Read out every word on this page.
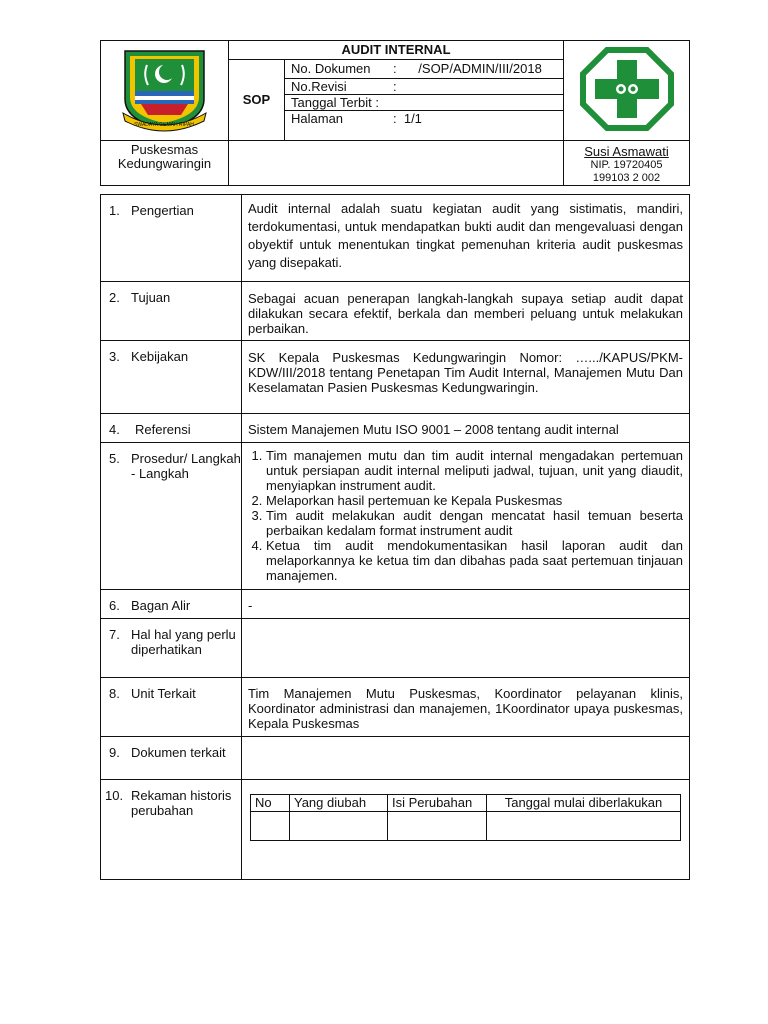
SWADAYA GEMAH RIPAH	AUDIT INTERNAL	
	SOP	No. Dokumen :      /SOP/ADMIN/III/2018	
		No.Revisi :	
		Tanggal Terbit :	
		Halaman :  1/1	
Puskesmas Kedungwaringin			Susi Asmawati
NIP. 19720405
199103 2 002
1. Pengertian	Audit internal adalah suatu kegiatan audit yang sistimatis, mandiri, terdokumentasi, untuk mendapatkan bukti audit dan mengevaluasi dengan obyektif untuk menentukan tingkat pemenuhan kriteria audit puskesmas yang disepakati.

2. Tujuan	Sebagai acuan penerapan langkah-langkah supaya setiap audit dapat dilakukan secara efektif, berkala dan memberi peluang untuk melakukan perbaikan.

3. Kebijakan	SK Kepala Puskesmas Kedungwaringin Nomor: ….../KAPUS/PKM-KDW/III/2018 tentang Penetapan Tim Audit Internal, Manajemen Mutu Dan Keselamatan Pasien Puskesmas Kedungwaringin.

4.	Referensi	Sistem Manajemen Mutu ISO 9001 – 2008 tentang audit internal

5. Prosedur/ Langkah - Langkah

1. Tim manajemen mutu dan tim audit internal mengadakan pertemuan untuk persiapan audit internal meliputi jadwal, tujuan, unit yang diaudit, menyiapkan instrument audit.
2. Melaporkan hasil pertemuan ke Kepala Puskesmas
3. Tim audit melakukan audit dengan mencatat hasil temuan beserta perbaikan kedalam format instrument audit
4. Ketua tim audit mendokumentasikan hasil laporan audit dan melaporkannya ke ketua tim dan dibahas pada saat pertemuan tinjauan manajemen.

6. Bagan Alir	-

7. Hal hal yang perlu diperhatikan

8. Unit Terkait	Tim Manajemen Mutu Puskesmas, Koordinator pelayanan klinis, Koordinator administrasi dan manajemen, 1Koordinator upaya puskesmas, Kepala Puskesmas

9. Dokumen terkait

10. Rekaman historis perubahan

No	Yang diubah	Isi Perubahan	Tanggal mulai diberlakukan
